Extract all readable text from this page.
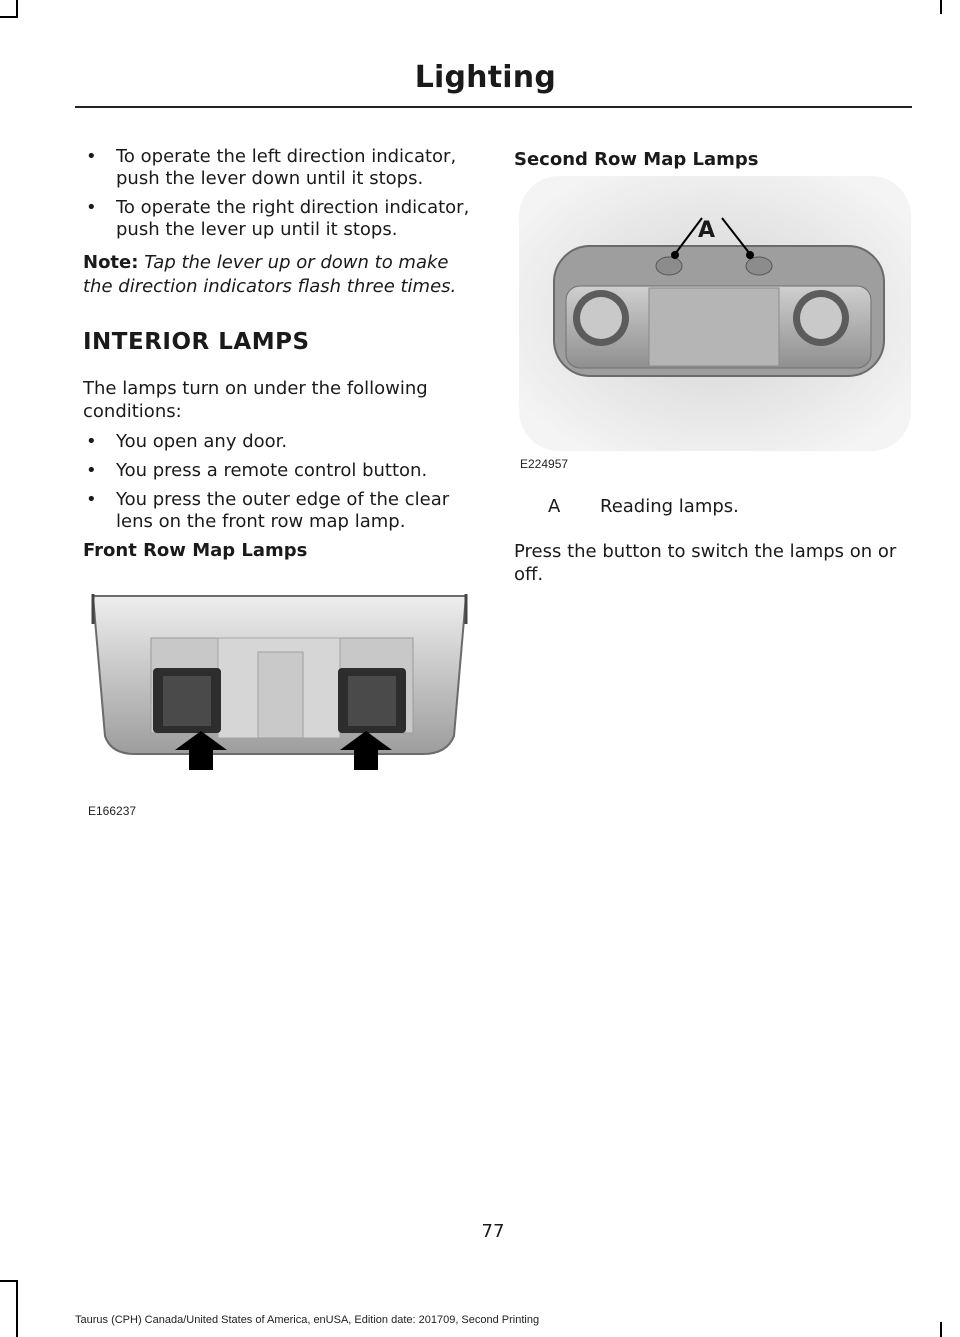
Lighting
• To operate the left direction indicator, push the lever down until it stops.
• To operate the right direction indicator, push the lever up until it stops.
Note: Tap the lever up or down to make the direction indicators flash three times.
INTERIOR LAMPS
The lamps turn on under the following conditions:
• You open any door.
• You press a remote control button.
• You press the outer edge of the clear lens on the front row map lamp.
Front Row Map Lamps
E166237
Second Row Map Lamps
A
E224957
A Reading lamps.
Press the button to switch the lamps on or off.
77
Taurus (CPH) Canada/United States of America, enUSA, Edition date: 201709, Second Printing
